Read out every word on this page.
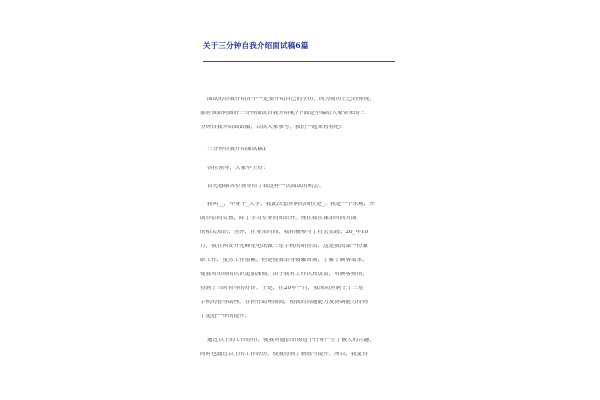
关于三分钟自我介绍面试稿6篇
面试的自我介绍并不一定要介绍自己的学历，因为简历上已经体现，
那应该如何做好三分钟面试自我介绍呢?下面是小编给大家带来的三
分钟自我介绍面试稿，以供大家参考，我们一起来看看吧!
三分钟自我介绍面试稿1
各位领导、大家早上好：
首先感谢各位领导给了我这样一次面试的机会。
我叫__，毕业于_大学，我此次想应聘的岗位是_。我是一个乐观、开
朗自信的女孩，除了学习专业的知识外，现在我在课余时间方面
的相关知识；另外，在业余时间，我积极参与了社会实践；20_年10
月，我在西安开元峰星电讯做三星手机的销售员，这是我的第一份兼
职工作，虽然工作很累，但是使我亲身接触市场，了解了顾客需求，
使我对市场的认识更加深刻。由于我对工作认真负责，对顾客热情，
得到了当时督导的好评。于是，在20年一月，我成功应聘上了三星
手机的督导助理，在担任助理期间，使我的沟通能力及协调能力得到
了更进一步的提升。
通过以上的工作经历，使我对通信市场这个行业产生了极大的兴趣，
同时也通过以上的工作经历，使我得到了磨练与提升。所以，我觉得
